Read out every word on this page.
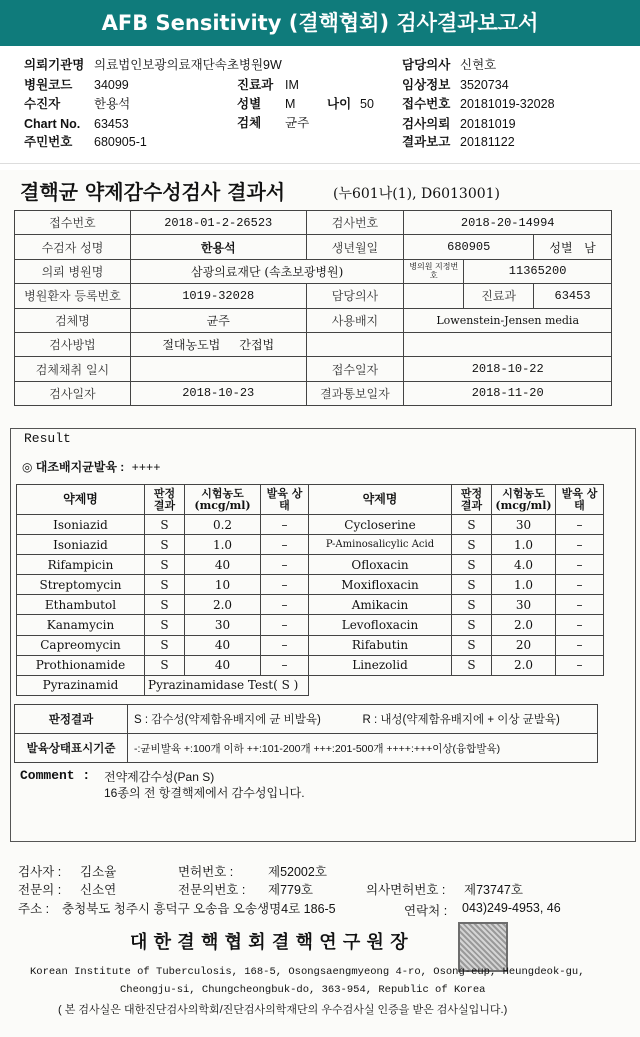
AFB Sensitivity (결핵협회) 검사결과보고서
의뢰기관명 의료법인보광의료재단속초병원9W	담당의사 신현호
병원코드 34099	진료과 IM	임상정보 3520734
수진자	한용석	성별 M	나이 50 접수번호 20181019-32028
Chart No. 63453	검체 균주	검사의뢰 20181019
주민번호 680905-1	결과보고 20181122
결핵균 약제감수성검사 결과서	(누601나(1), D6013001)
접수번호	2018-01-2-26523	검사번호	2018-20-14994		
수검자 성명	한용석	생년월일	680905		성별 남
의뢰 병원명	삼광의료재단 (속초보광병원)		병의원 지정번호	11365200	
병원환자 등록번호	1019-32028	담당의사		진료과	63453
검체명	균주	사용배지	Lowenstein-Jensen media		
검사방법	절대농도법 간접법				
검체채취 일시		접수일자	2018-10-22		
검사일자	2018-10-23	결과통보일자	2018-11-20		
Result
◎ 대조배지균발육 : ++++
약제명	판정 결과	시험농도 (mcg/ml)	발육 상태	약제명	판정 결과	시험농도 (mcg/ml)	발육 상태
Isoniazid	S	0.2	–	Cycloserine	S	30	–
Isoniazid	S	1.0	–	P-Aminosalicylic Acid	S	1.0	–
Rifampicin	S	40	–	Ofloxacin	S	4.0	–
Streptomycin	S	10	–	Moxifloxacin	S	1.0	–
Ethambutol	S	2.0	–	Amikacin	S	30	–
Kanamycin	S	30	–	Levofloxacin	S	2.0	–
Capreomycin	S	40	–	Rifabutin	S	20	–
Prothionamide	S	40	–	Linezolid	S	2.0	–
Pyrazinamid	Pyrazinamidase Test( S )						
판정결과	S : 감수성(약제함유배지에 균 비발육)	R : 내성(약제함유배지에 + 이상 균발육)
발육상태표시기준	-:균비발육 +:100개 이하 ++:101-200개 +++:201-500개 ++++:+++이상(융합발육)	
Comment : 전약제감수성(Pan S)
16종의 전 항결핵제에서 감수성입니다.
검사자 : 김소율	면허번호 :	제52002호
전문의 : 신소연	전문의번호 : 제779호	의사면허번호 : 제73747호
주소 : 충청북도 청주시 흥덕구 오송읍 오송생명4로 186-5	연락처 : 043)249-4953, 46
대 한 결 핵 협 회 결 핵 연 구 원 장
Korean Institute of Tuberculosis, 168-5, Osongsaengmyeong 4-ro, Osong-eup, Heungdeok-gu,
Cheongju-si, Chungcheongbuk-do, 363-954, Republic of Korea
( 본 검사실은 대한진단검사의학회/진단검사의학재단의 우수검사실 인증을 받은 검사실입니다.)
